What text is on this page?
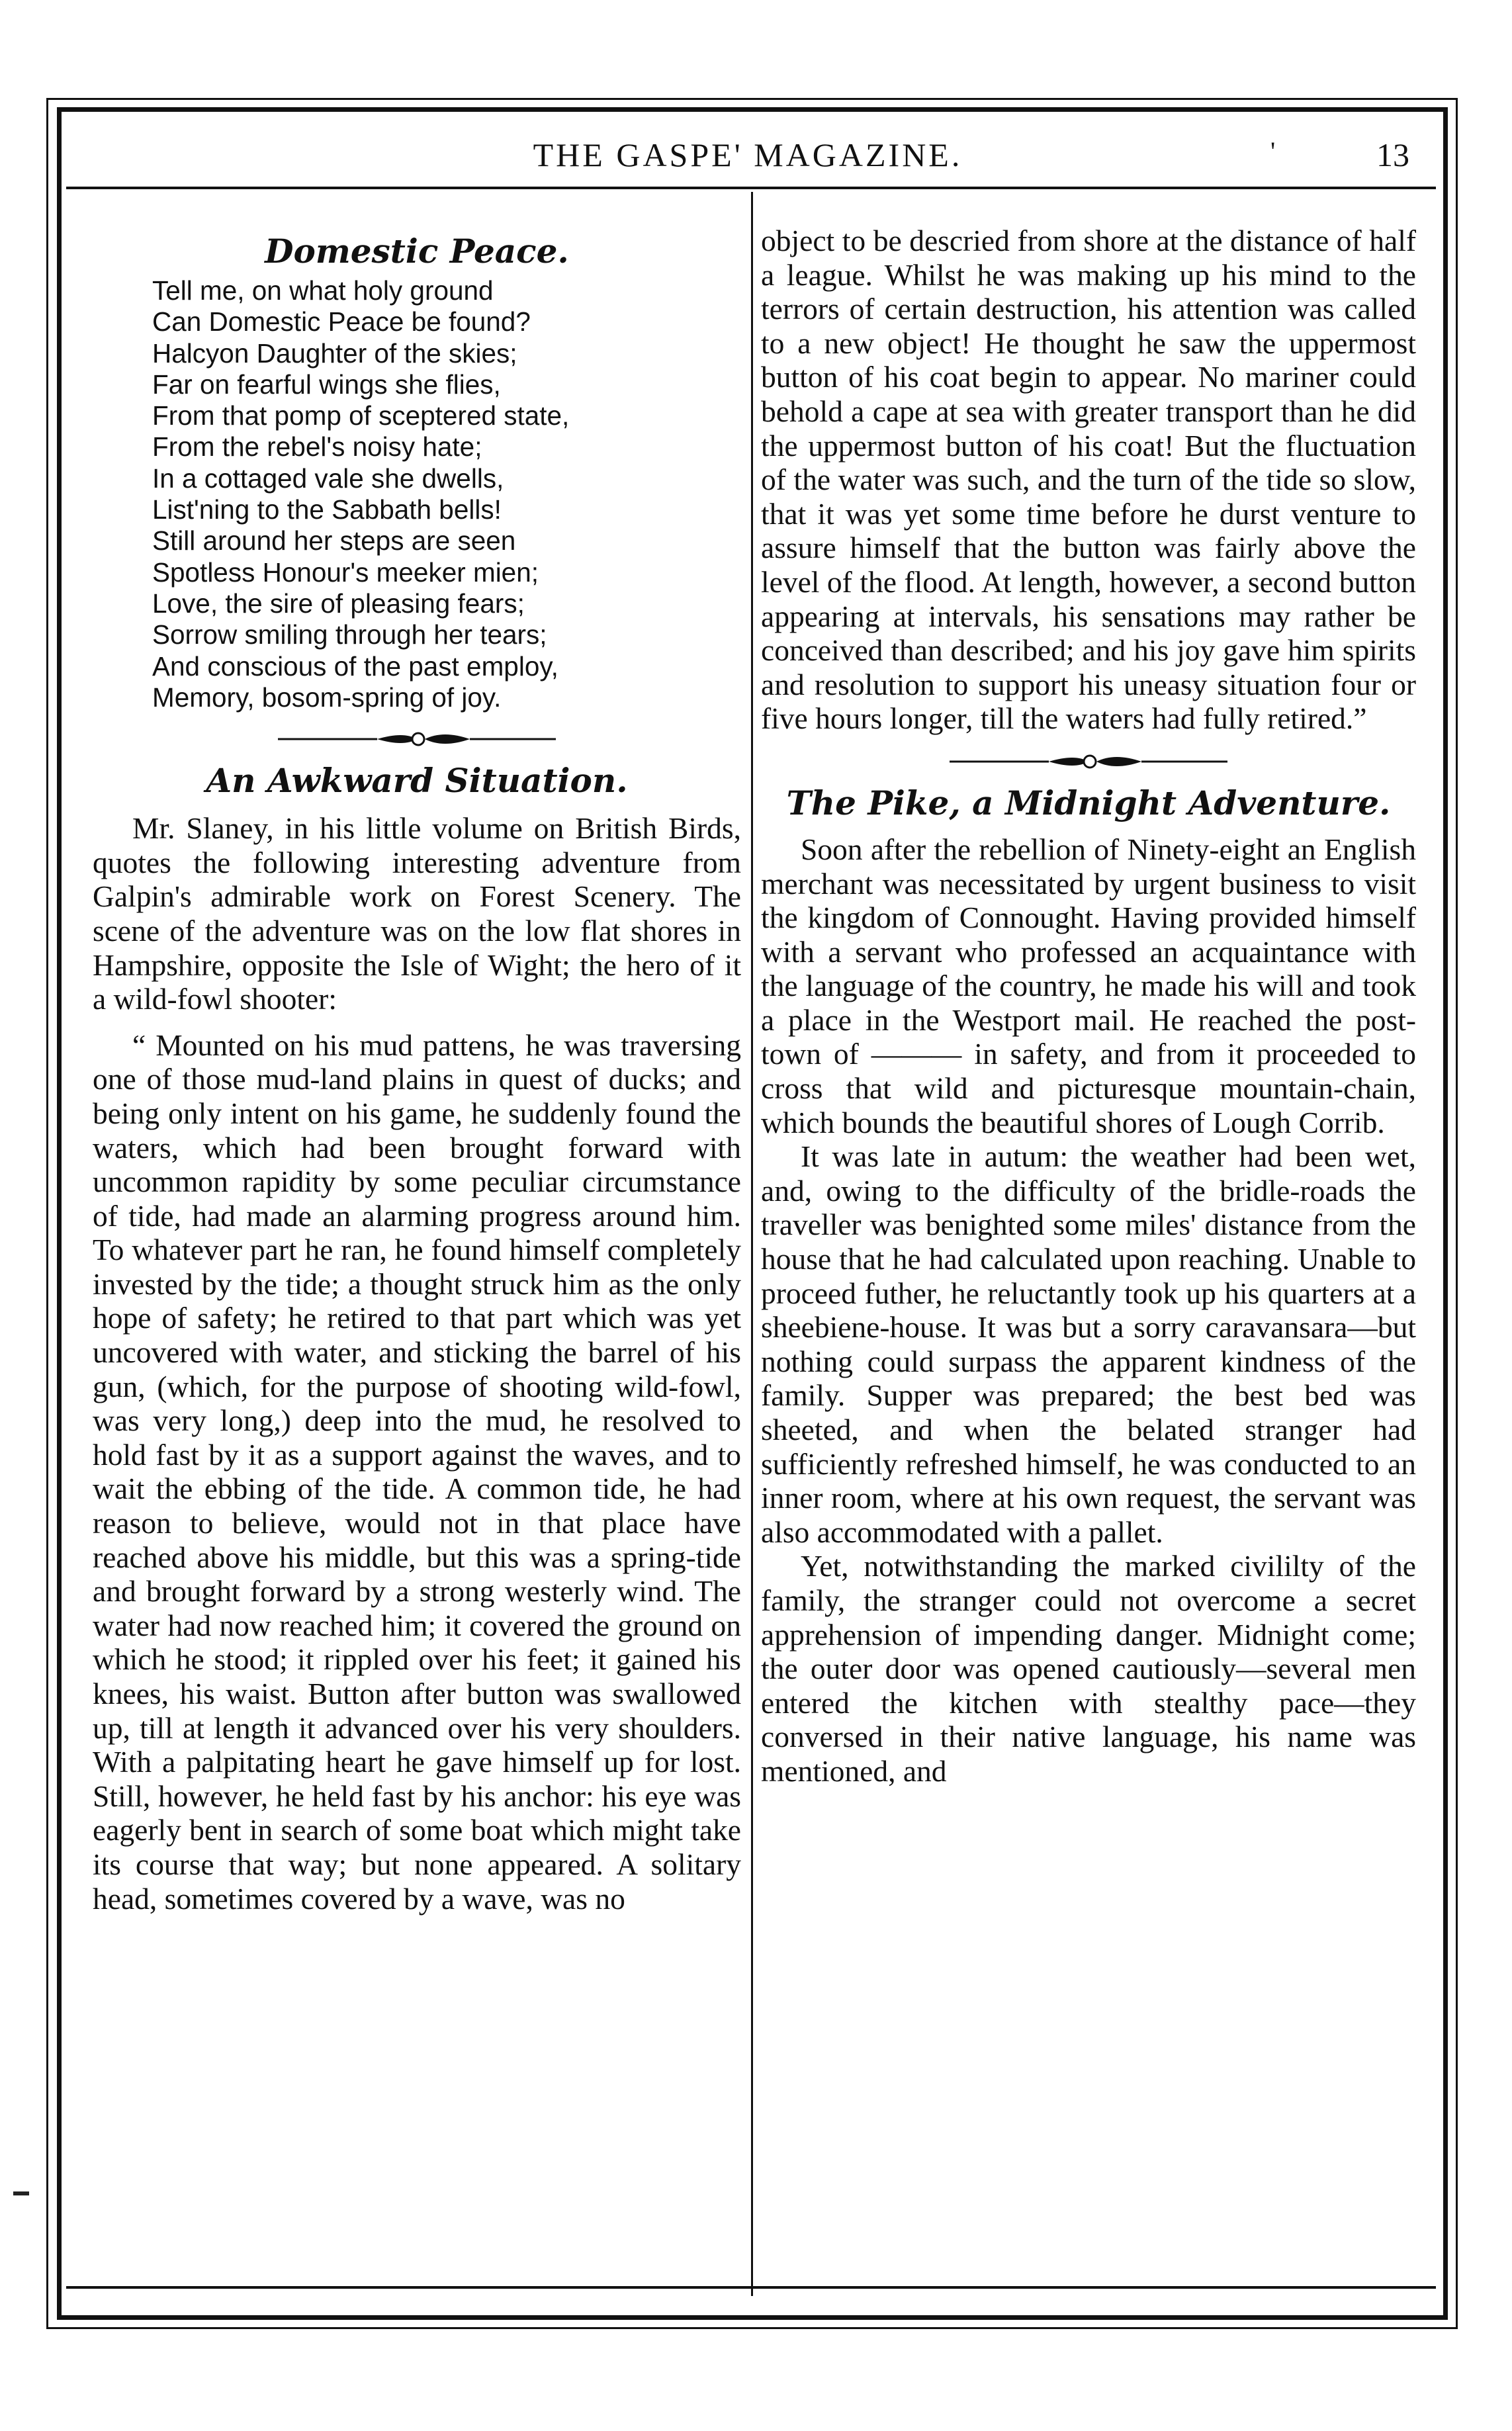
THE GASPE' MAGAZINE.	'	13
Domestic Peace.
Tell me, on what holy ground
Can Domestic Peace be found?
Halcyon Daughter of the skies;
Far on fearful wings she flies,
From that pomp of sceptered state,
From the rebel's noisy hate;
In a cottaged vale she dwells,
List'ning to the Sabbath bells!
Still around her steps are seen
Spotless Honour's meeker mien;
Love, the sire of pleasing fears;
Sorrow smiling through her tears;
And conscious of the past employ,
Memory, bosom-spring of joy.
An Awkward Situation.

Mr. Slaney, in his little volume on British Birds, quotes the following interesting adventure from Galpin's admirable work on Forest Scenery. The scene of the adventure was on the low flat shores in Hampshire, opposite the Isle of Wight; the hero of it a wild-fowl shooter:

“ Mounted on his mud pattens, he was traversing one of those mud-land plains in quest of ducks; and being only intent on his game, he suddenly found the waters, which had been brought forward with uncommon rapidity by some peculiar circumstance of tide, had made an alarming progress around him. To whatever part he ran, he found himself completely invested by the tide; a thought struck him as the only hope of safety; he retired to that part which was yet uncovered with water, and sticking the barrel of his gun, (which, for the purpose of shooting wild-fowl, was very long,) deep into the mud, he resolved to hold fast by it as a support against the waves, and to wait the ebbing of the tide. A common tide, he had reason to believe, would not in that place have reached above his middle, but this was a spring-tide and brought forward by a strong westerly wind. The water had now reached him; it covered the ground on which he stood; it rippled over his feet; it gained his knees, his waist. Button after button was swallowed up, till at length it advanced over his very shoulders. With a palpitating heart he gave himself up for lost. Still, however, he held fast by his anchor: his eye was eagerly bent in search of some boat which might take its course that way; but none appeared. A solitary head, sometimes covered by a wave, was no

object to be descried from shore at the distance of half a league. Whilst he was making up his mind to the terrors of certain destruction, his attention was called to a new object! He thought he saw the uppermost button of his coat begin to appear. No mariner could behold a cape at sea with greater transport than he did the uppermost button of his coat! But the fluctuation of the water was such, and the turn of the tide so slow, that it was yet some time before he durst venture to assure himself that the button was fairly above the level of the flood. At length, however, a second button appearing at intervals, his sensations may rather be conceived than described; and his joy gave him spirits and resolution to support his uneasy situation four or five hours longer, till the waters had fully retired.”

The Pike, a Midnight Adventure.

Soon after the rebellion of Ninety-eight an English merchant was necessitated by urgent business to visit the kingdom of Connought. Having provided himself with a servant who professed an acquaintance with the language of the country, he made his will and took a place in the Westport mail. He reached the post-town of ——— in safety, and from it proceeded to cross that wild and picturesque mountain-chain, which bounds the beautiful shores of Lough Corrib.

It was late in autum: the weather had been wet, and, owing to the difficulty of the bridle-roads the traveller was benighted some miles' distance from the house that he had calculated upon reaching. Unable to proceed futher, he reluctantly took up his quarters at a sheebiene-house. It was but a sorry caravansara—but nothing could surpass the apparent kindness of the family. Supper was prepared; the best bed was sheeted, and when the belated stranger had sufficiently refreshed himself, he was conducted to an inner room, where at his own request, the servant was also accommodated with a pallet.

Yet, notwithstanding the marked civililty of the family, the stranger could not overcome a secret apprehension of impending danger. Midnight come; the outer door was opened cautiously—several men entered the kitchen with stealthy pace—they conversed in their native language, his name was mentioned, and
